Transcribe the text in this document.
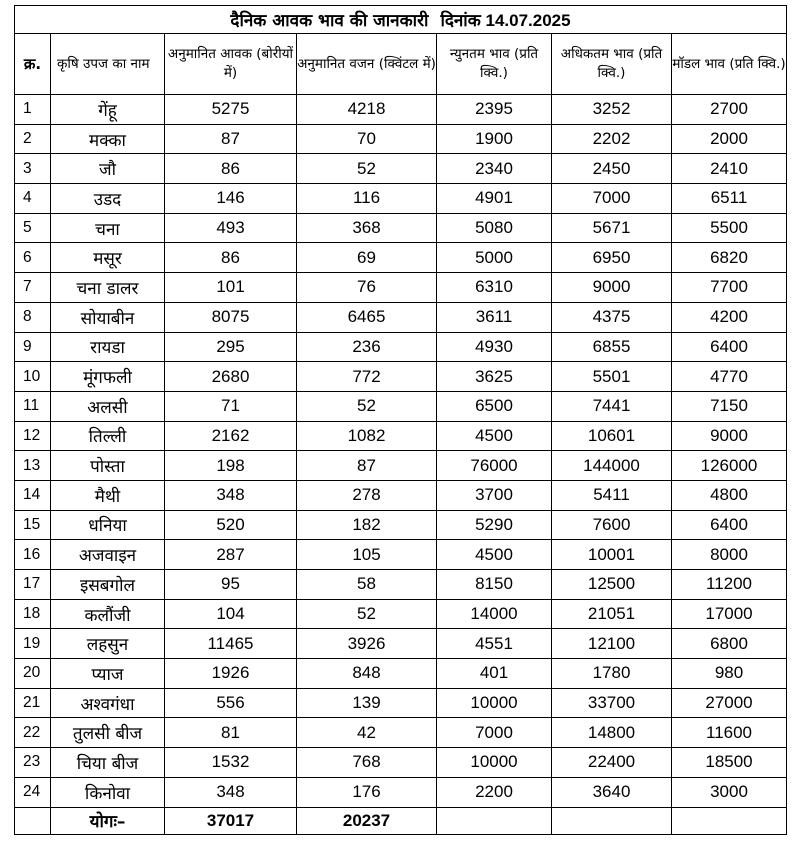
दैनिक आवक भाव की जानकारी दिनांक 14.07.2025						
क्र.	कृषि उपज का नाम	अनुमानित आवक (बोरीयों में)	अनुमानित वजन (क्विंटल में)	न्युनतम भाव (प्रति क्वि.)	अधिकतम भाव (प्रति क्वि.)	मॉडल भाव (प्रति क्वि.)
1	गेंहू	5275	4218	2395	3252	2700
2	मक्का	87	70	1900	2202	2000
3	जौ	86	52	2340	2450	2410
4	उडद	146	116	4901	7000	6511
5	चना	493	368	5080	5671	5500
6	मसूर	86	69	5000	6950	6820
7	चना डालर	101	76	6310	9000	7700
8	सोयाबीन	8075	6465	3611	4375	4200
9	रायडा	295	236	4930	6855	6400
10	मूंगफली	2680	772	3625	5501	4770
11	अलसी	71	52	6500	7441	7150
12	तिल्ली	2162	1082	4500	10601	9000
13	पोस्ता	198	87	76000	144000	126000
14	मैथी	348	278	3700	5411	4800
15	धनिया	520	182	5290	7600	6400
16	अजवाइन	287	105	4500	10001	8000
17	इसबगोल	95	58	8150	12500	11200
18	कलौंजी	104	52	14000	21051	17000
19	लहसुन	11465	3926	4551	12100	6800
20	प्याज	1926	848	401	1780	980
21	अश्वगंधा	556	139	10000	33700	27000
22	तुलसी बीज	81	42	7000	14800	11600
23	चिया बीज	1532	768	10000	22400	18500
24	किनोवा	348	176	2200	3640	3000
	योगः–	37017	20237			
